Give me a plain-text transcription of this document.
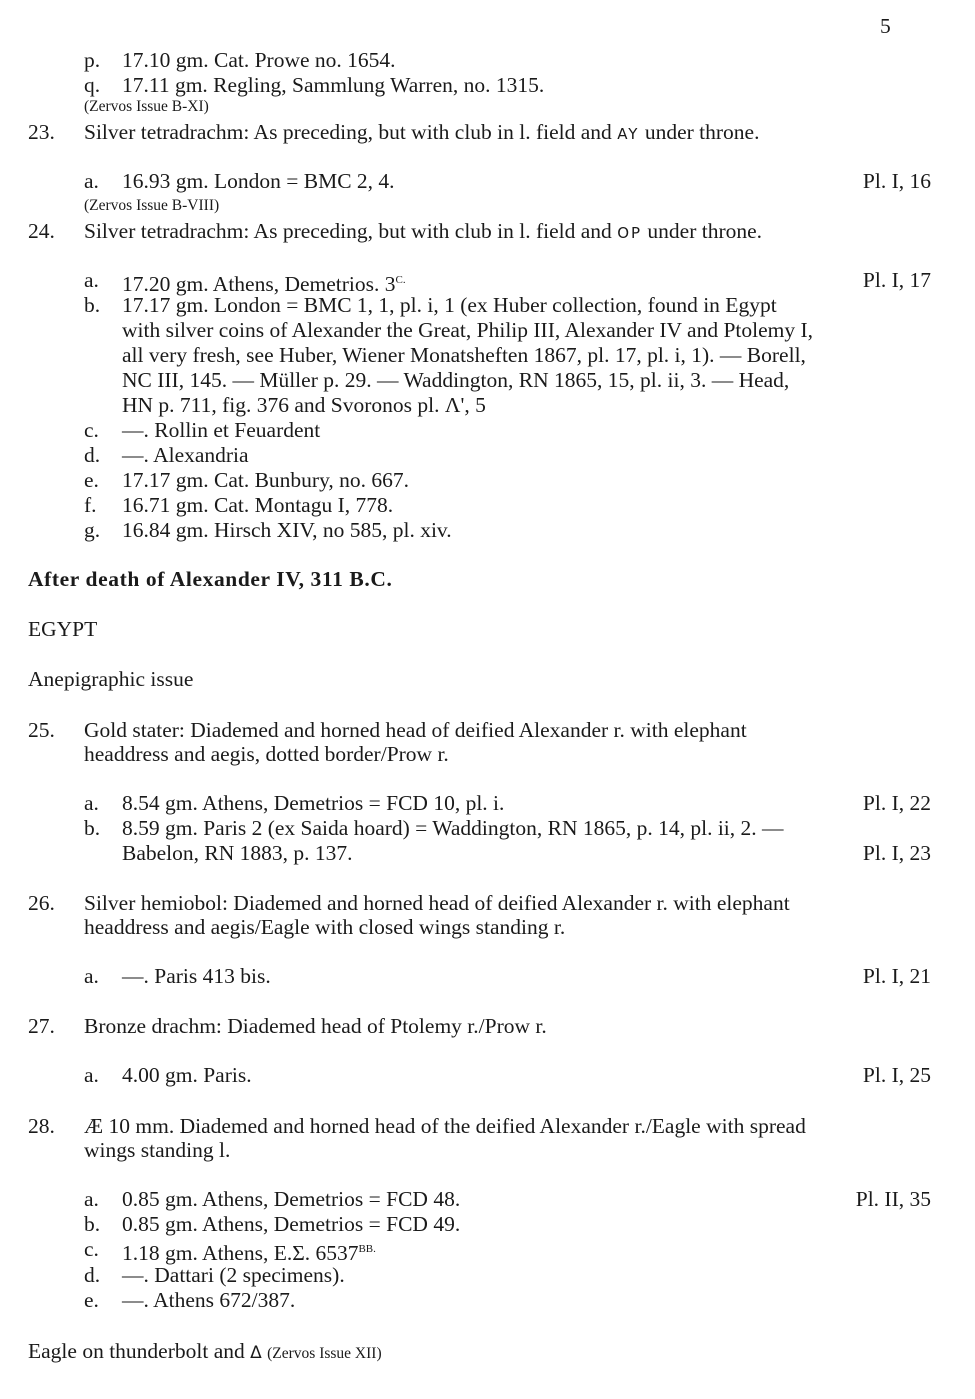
5
p. 17.10 gm. Cat. Prowe no. 1654.
q. 17.11 gm. Regling, Sammlung Warren, no. 1315.
(Zervos Issue B-XI)
23. Silver tetradrachm: As preceding, but with club in l. field and AY under throne.
a. 16.93 gm. London = BMC 2, 4.	Pl. I, 16
(Zervos Issue B-VIII)
24. Silver tetradrachm: As preceding, but with club in l. field and OP under throne.
a. 17.20 gm. Athens, Demetrios. $3^{C.}$	Pl. I, 17
b. 17.17 gm. London = BMC 1, 1, pl. i, 1 (ex Huber collection, found in Egypt
with silver coins of Alexander the Great, Philip III, Alexander IV and Ptolemy I,
all very fresh, see Huber, Wiener Monatsheften 1867, pl. 17, pl. i, 1). — Borell,
NC III, 145. — Müller p. 29. — Waddington, RN 1865, 15, pl. ii, 3. — Head,
HN p. 711, fig. 376 and Svoronos pl. Λ', 5
c. —. Rollin et Feuardent
d. —. Alexandria
e. 17.17 gm. Cat. Bunbury, no. 667.
f. 16.71 gm. Cat. Montagu I, 778.
g. 16.84 gm. Hirsch XIV, no 585, pl. xiv.
After death of Alexander IV, 311 B.C.
EGYPT
Anepigraphic issue
25. Gold stater: Diademed and horned head of deified Alexander r. with elephant
headdress and aegis, dotted border/Prow r.
a. 8.54 gm. Athens, Demetrios = FCD 10, pl. i.	Pl. I, 22
b. 8.59 gm. Paris 2 (ex Saida hoard) = Waddington, RN 1865, p. 14, pl. ii, 2. —
Babelon, RN 1883, p. 137.	Pl. I, 23
26. Silver hemiobol: Diademed and horned head of deified Alexander r. with elephant
headdress and aegis/Eagle with closed wings standing r.
a. —. Paris 413 bis.	Pl. I, 21
27. Bronze drachm: Diademed head of Ptolemy r./Prow r.
a. 4.00 gm. Paris.	Pl. I, 25
28. Æ 10 mm. Diademed and horned head of the deified Alexander r./Eagle with spread
wings standing l.
a. 0.85 gm. Athens, Demetrios = FCD 48.	Pl. II, 35
b. 0.85 gm. Athens, Demetrios = FCD 49.
c. 1.18 gm. Athens, E.Σ. $6537^{BB.}$
d. —. Dattari (2 specimens).
e. —. Athens 672/387.
Eagle on thunderbolt and Δ (Zervos Issue XII)
